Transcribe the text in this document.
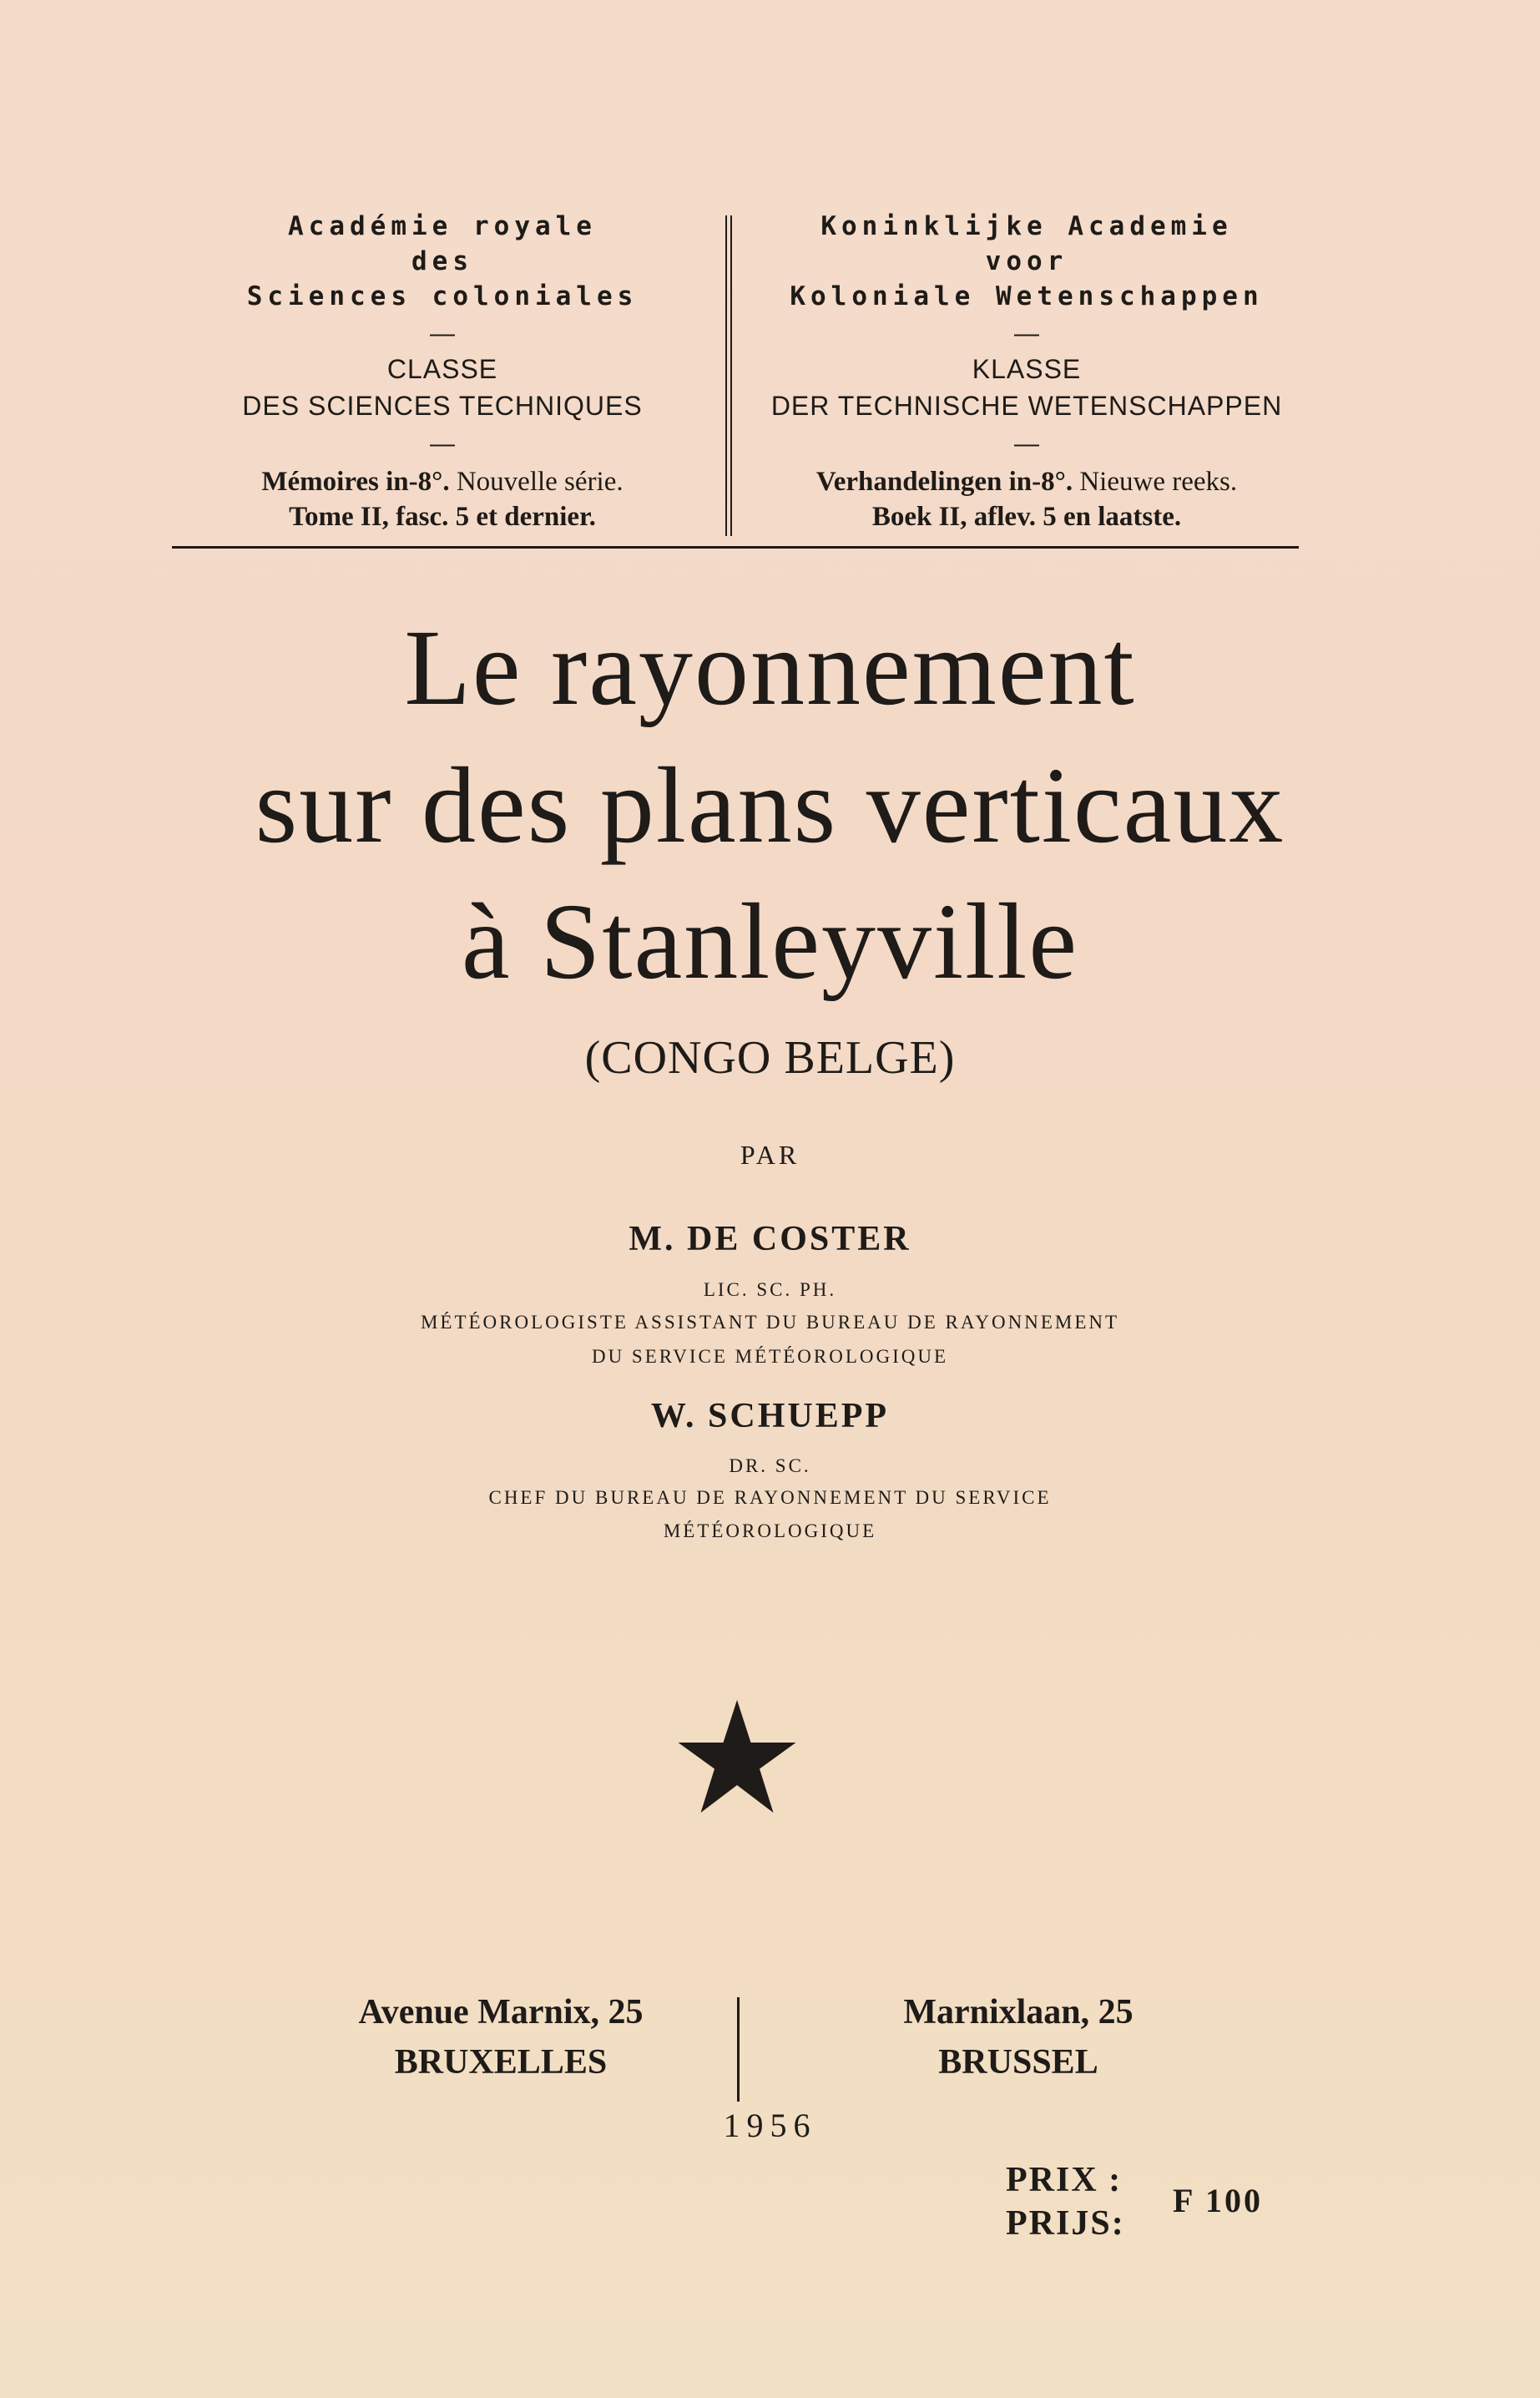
Académie royale
des
Sciences coloniales
—
CLASSE
DES SCIENCES TECHNIQUES
—
Mémoires in-8°. Nouvelle série.
Tome II, fasc. 5 et dernier.
Koninklijke Academie
voor
Koloniale Wetenschappen
—
KLASSE
DER TECHNISCHE WETENSCHAPPEN
—
Verhandelingen in-8°. Nieuwe reeks.
Boek II, aflev. 5 en laatste.
Le rayonnement
sur des plans verticaux
à Stanleyville
(CONGO BELGE)
PAR
M. DE COSTER
LIC. SC. PH.
MÉTÉOROLOGISTE ASSISTANT DU BUREAU DE RAYONNEMENT
DU SERVICE MÉTÉOROLOGIQUE
W. SCHUEPP
DR. SC.
CHEF DU BUREAU DE RAYONNEMENT DU SERVICE
MÉTÉOROLOGIQUE
Avenue Marnix, 25
BRUXELLES
Marnixlaan, 25
BRUSSEL
1956
PRIX :
PRIJS:
F 100
